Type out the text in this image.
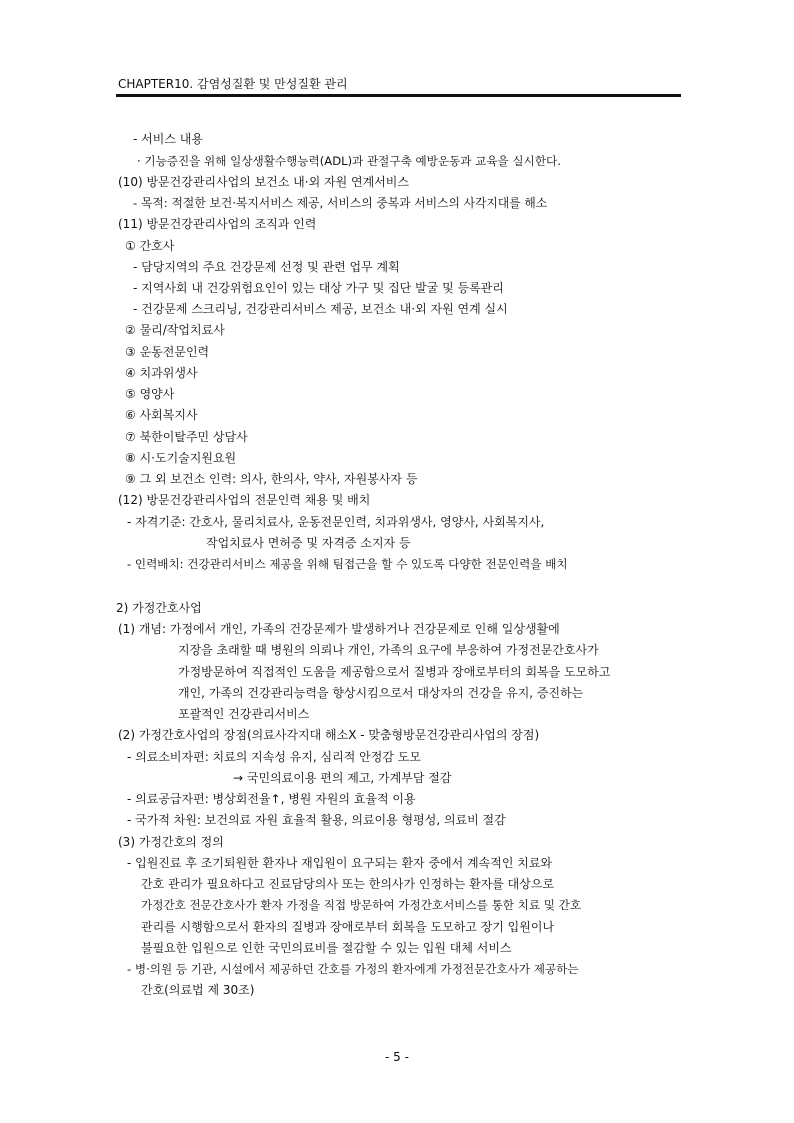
CHAPTER10. 감염성질환 및 만성질환 관리
- 서비스 내용
· 기능증진을 위해 일상생활수행능력(ADL)과 관절구축 예방운동과 교육을 실시한다.
(10) 방문건강관리사업의 보건소 내·외 자원 연계서비스
- 목적: 적절한 보건·복지서비스 제공, 서비스의 중복과 서비스의 사각지대를 해소
(11) 방문건강관리사업의 조직과 인력
① 간호사
- 담당지역의 주요 건강문제 선정 및 관련 업무 계획
- 지역사회 내 건강위험요인이 있는 대상 가구 및 집단 발굴 및 등록관리
- 건강문제 스크리닝, 건강관리서비스 제공, 보건소 내·외 자원 연계 실시
② 물리/작업치료사
③ 운동전문인력
④ 치과위생사
⑤ 영양사
⑥ 사회복지사
⑦ 북한이탈주민 상담사
⑧ 시·도기술지원요원
⑨ 그 외 보건소 인력: 의사, 한의사, 약사, 자원봉사자 등
(12) 방문건강관리사업의 전문인력 채용 및 배치
- 자격기준: 간호사, 물리치료사, 운동전문인력, 치과위생사, 영양사, 사회복지사,
작업치료사 면허증 및 자격증 소지자 등
- 인력배치: 건강관리서비스 제공을 위해 팀접근을 할 수 있도록 다양한 전문인력을 배치
2) 가정간호사업
(1) 개념: 가정에서 개인, 가족의 건강문제가 발생하거나 건강문제로 인해 일상생활에
지장을 초래할 때 병원의 의뢰나 개인, 가족의 요구에 부응하여 가정전문간호사가
가정방문하여 직접적인 도움을 제공함으로서 질병과 장애로부터의 회복을 도모하고
개인, 가족의 건강관리능력을 향상시킴으로서 대상자의 건강을 유지, 증진하는
포괄적인 건강관리서비스
(2) 가정간호사업의 장점(의료사각지대 해소X - 맞춤형방문건강관리사업의 장점)
- 의료소비자편: 치료의 지속성 유지, 심리적 안정감 도모
→ 국민의료이용 편의 제고, 가계부담 절감
- 의료공급자편: 병상회전율↑, 병원 자원의 효율적 이용
- 국가적 차원: 보건의료 자원 효율적 활용, 의료이용 형평성, 의료비 절감
(3) 가정간호의 정의
- 입원진료 후 조기퇴원한 환자나 재입원이 요구되는 환자 중에서 계속적인 치료와
간호 관리가 필요하다고 진료담당의사 또는 한의사가 인정하는 환자를 대상으로
가정간호 전문간호사가 환자 가정을 직접 방문하여 가정간호서비스를 통한 치료 및 간호
관리를 시행함으로서 환자의 질병과 장애로부터 회복을 도모하고 장기 입원이나
불필요한 입원으로 인한 국민의료비를 절감할 수 있는 입원 대체 서비스
- 병·의원 등 기관, 시설에서 제공하던 간호를 가정의 환자에게 가정전문간호사가 제공하는
간호(의료법 제 30조)
- 5 -
